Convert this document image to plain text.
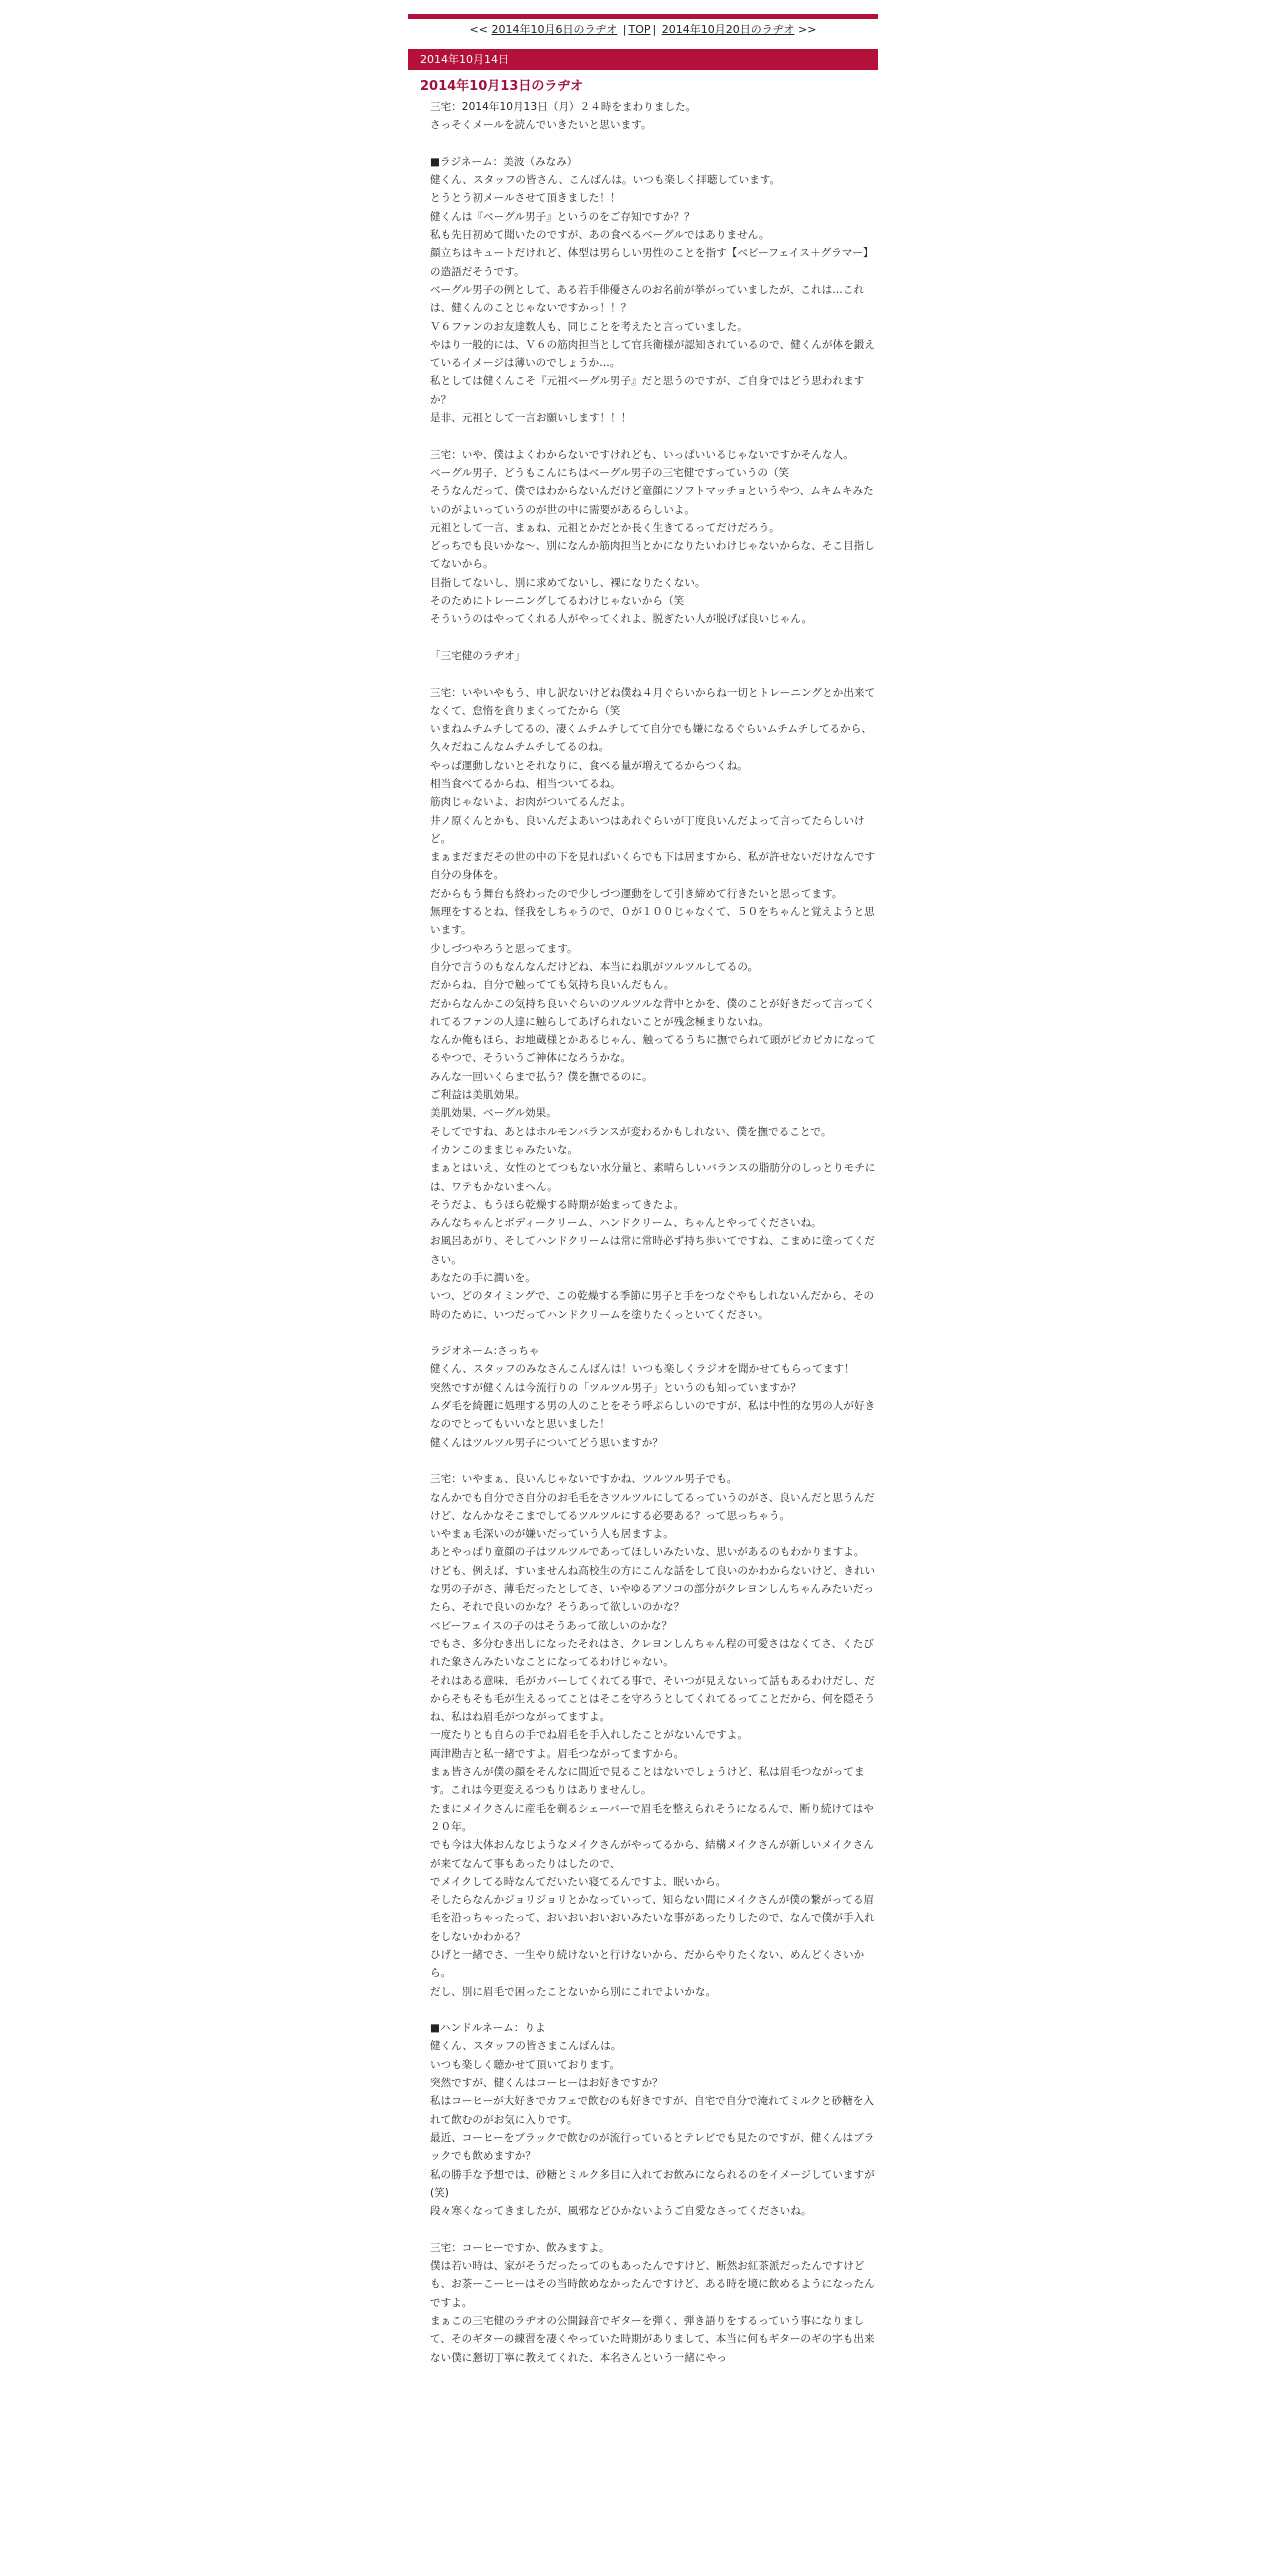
<< 2014年10月6日のラヂオ | TOP | 2014年10月20日のラヂオ >>
2014年10月14日
2014年10月13日のラヂオ
三宅：2014年10月13日（月）２４時をまわりました。
さっそくメールを読んでいきたいと思います。
■ラジネーム：美波（みなみ）
健くん、スタッフの皆さん、こんばんは。いつも楽しく拝聴しています。
とうとう初メールさせて頂きました！！
健くんは『ベーグル男子』というのをご存知ですか？？
私も先日初めて聞いたのですが、あの食べるベーグルではありません。
顔立ちはキュートだけれど、体型は男らしい男性のことを指す【ベビーフェイス＋グラマー】の造語だそうです。
ベーグル男子の例として、ある若手俳優さんのお名前が挙がっていましたが、これは…これは、健くんのことじゃないですかっ！！？
Ｖ６ファンのお友達数人も、同じことを考えたと言っていました。
やはり一般的には、Ｖ６の筋肉担当として官兵衛様が認知されているので、健くんが体を鍛えているイメージは薄いのでしょうか…。
私としては健くんこそ『元祖ベーグル男子』だと思うのですが、ご自身ではどう思われますか？
是非、元祖として一言お願いします！！！
三宅：いや、僕はよくわからないですけれども、いっぱいいるじゃないですかそんな人。
ベーグル男子、どうもこんにちはベーグル男子の三宅健ですっていうの（笑
そうなんだって、僕ではわからないんだけど童顔にソフトマッチョというやつ、ムキムキみたいのがよいっていうのが世の中に需要があるらしいよ。
元祖として一言、まぁね、元祖とかだとか長く生きてるってだけだろう。
どっちでも良いかな～、別になんか筋肉担当とかになりたいわけじゃないからな、そこ目指してないから。
目指してないし、別に求めてないし、裸になりたくない。
そのためにトレーニングしてるわけじゃないから（笑
そういうのはやってくれる人がやってくれよ、脱ぎたい人が脱げば良いじゃん。
「三宅健のラヂオ」
三宅：いやいやもう、申し訳ないけどね僕ね４月ぐらいからね一切とトレーニングとか出来てなくて、怠惰を貪りまくってたから（笑
いまねムチムチしてるの、凄くムチムチしてて自分でも嫌になるぐらいムチムチしてるから、久々だねこんなムチムチしてるのね。
やっぱ運動しないとそれなりに、食べる量が増えてるからつくね。
相当食べてるからね、相当ついてるね。
筋肉じゃないよ、お肉がついてるんだよ。
井ノ原くんとかも、良いんだよあいつはあれぐらいが丁度良いんだよって言ってたらしいけど。
まぁまだまだその世の中の下を見ればいくらでも下は居ますから、私が許せないだけなんです自分の身体を。
だからもう舞台も終わったので少しづつ運動をして引き締めて行きたいと思ってます。
無理をするとね、怪我をしちゃうので、０が１００じゃなくて、５０をちゃんと覚えようと思います。
少しづつやろうと思ってます。
自分で言うのもなんなんだけどね、本当にね肌がツルツルしてるの。
だからね、自分で触ってても気持ち良いんだもん。
だからなんかこの気持ち良いぐらいのツルツルな背中とかを、僕のことが好きだって言ってくれてるファンの人達に触らしてあげられないことが残念極まりないね。
なんか俺もほら、お地蔵様とかあるじゃん、触ってるうちに撫でられて頭がピカピカになってるやつで、そういうご神体になろうかな。
みんな一回いくらまで払う？僕を撫でるのに。
ご利益は美肌効果。
美肌効果、ベーグル効果。
そしてですね、あとはホルモンバランスが変わるかもしれない、僕を撫でることで。
イカンこのままじゃみたいな。
まぁとはいえ、女性のとてつもない水分量と、素晴らしいバランスの脂肪分のしっとりモチには、ワテもかないまへん。
そうだよ、もうほら乾燥する時期が始まってきたよ。
みんなちゃんとボディークリーム、ハンドクリーム、ちゃんとやってくださいね。
お風呂あがり、そしてハンドクリームは常に常時必ず持ち歩いてですね、こまめに塗ってください。
あなたの手に潤いを。
いつ、どのタイミングで、この乾燥する季節に男子と手をつなぐやもしれないんだから、その時のために、いつだってハンドクリームを塗りたくっといてください。
ラジオネーム:さっちゃ
健くん、スタッフのみなさんこんばんは！いつも楽しくラジオを聞かせてもらってます！
突然ですが健くんは今流行りの「ツルツル男子」というのも知っていますか？
ムダ毛を綺麗に処理する男の人のことをそう呼ぶらしいのですが、私は中性的な男の人が好きなのでとってもいいなと思いました！
健くんはツルツル男子についてどう思いますか？
三宅：いやまぁ、良いんじゃないですかね、ツルツル男子でも。
なんかでも自分でさ自分のお毛毛をさツルツルにしてるっていうのがさ、良いんだと思うんだけど、なんかなそこまでしてるツルツルにする必要ある？って思っちゃう。
いやまぁ毛深いのが嫌いだっていう人も居ますよ。
あとやっぱり童顔の子はツルツルであってほしいみたいな、思いがあるのもわかりますよ。
けども、例えば、すいませんね高校生の方にこんな話をして良いのかわからないけど、きれいな男の子がさ、薄毛だったとしてさ、いやゆるアソコの部分がクレヨンしんちゃんみたいだったら、それで良いのかな？そうあって欲しいのかな？
ベビーフェイスの子のはそうあって欲しいのかな？
でもさ、多分むき出しになったそれはさ、クレヨンしんちゃん程の可愛さはなくてさ、くたびれた象さんみたいなことになってるわけじゃない。
それはある意味、毛がカバーしてくれてる事で、そいつが見えないって話もあるわけだし、だからそもそも毛が生えるってことはそこを守ろうとしてくれてるってことだから、何を隠そうね、私はね眉毛がつながってますよ。
一度たりとも自らの手でね眉毛を手入れしたことがないんですよ。
両津勘吉と私一緒ですよ。眉毛つながってますから。
まぁ皆さんが僕の顔をそんなに間近で見ることはないでしょうけど、私は眉毛つながってます。これは今更変えるつもりはありませんし。
たまにメイクさんに産毛を剃るシェーバーで眉毛を整えられそうになるんで、断り続けてはや２０年。
でも今は大体おんなじようなメイクさんがやってるから、結構メイクさんが新しいメイクさんが来てなんて事もあったりはしたので、
でメイクしてる時なんてだいたい寝てるんですよ、眠いから。
そしたらなんかジョリジョリとかなっていって、知らない間にメイクさんが僕の繋がってる眉毛を沿っちゃったって、おいおいおいおいみたいな事があったりしたので、なんで僕が手入れをしないかわかる？
ひげと一緒でさ、一生やり続けないと行けないから、だからやりたくない、めんどくさいから。
だし、別に眉毛で困ったことないから別にこれでよいかな。
■ハンドルネーム：りよ
健くん、スタッフの皆さまこんばんは。
いつも楽しく聴かせて頂いております。
突然ですが、健くんはコーヒーはお好きですか？
私はコーヒーが大好きでカフェで飲むのも好きですが、自宅で自分で淹れてミルクと砂糖を入れて飲むのがお気に入りです。
最近、コーヒーをブラックで飲むのが流行っているとテレビでも見たのですが、健くんはブラックでも飲めますか？
私の勝手な予想では、砂糖とミルク多目に入れてお飲みになられるのをイメージしていますが(笑)
段々寒くなってきましたが、風邪などひかないようご自愛なさってくださいね。
三宅：コーヒーですか、飲みますよ。
僕は若い時は、家がそうだったってのもあったんですけど、断然お紅茶派だったんですけども、お茶ーこーヒーはその当時飲めなかったんですけど、ある時を境に飲めるようになったんですよ。
まぁこの三宅健のラヂオの公開録音でギターを弾く、弾き語りをするっていう事になりまして、そのギターの練習を凄くやっていた時期がありまして、本当に何もギターのギの字も出来ない僕に懇切丁寧に教えてくれた、本名さんという一緒にやっ
